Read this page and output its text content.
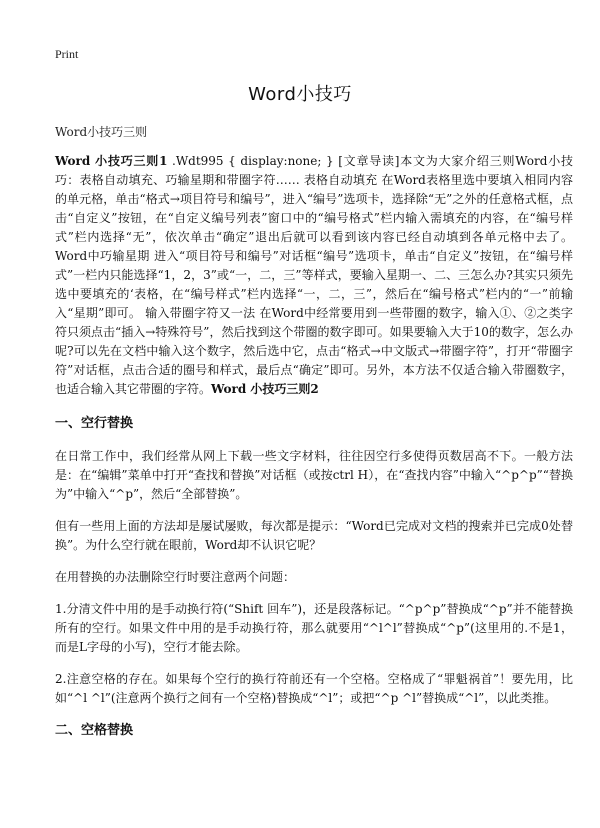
Print
Word小技巧
Word小技巧三则

Word 小技巧三则1 .Wdt995 { display:none; } [文章导读]本文为大家介绍三则Word小技巧：表格自动填充、巧输星期和带圈字符…… 表格自动填充 在Word表格里选中要填入相同内容的单元格，单击“格式→项目符号和编号”，进入“编号”选项卡，选择除“无”之外的任意格式框，点击“自定义”按钮，在“自定义编号列表”窗口中的“编号格式”栏内输入需填充的内容，在“编号样式”栏内选择“无”，依次单击“确定”退出后就可以看到该内容已经自动填到各单元格中去了。 Word中巧输星期 进入“项目符号和编号”对话框“编号”选项卡，单击“自定义”按钮，在“编号样式”一栏内只能选择“1，2，3”或“一，二，三”等样式，要输入星期一、二、三怎么办?其实只须先选中要填充的‘表格，在“编号样式”栏内选择“一，二，三”，然后在“编号格式”栏内的“一”前输入“星期”即可。 输入带圈字符又一法 在Word中经常要用到一些带圈的数字，输入①、②之类字符只须点击“插入→特殊符号”，然后找到这个带圈的数字即可。如果要输入大于10的数字，怎么办呢?可以先在文档中输入这个数字，然后选中它，点击“格式→中文版式→带圈字符”，打开“带圈字符”对话框，点击合适的圈号和样式，最后点“确定”即可。另外，本方法不仅适合输入带圈数字，也适合输入其它带圈的字符。Word 小技巧三则2

一、空行替换

在日常工作中，我们经常从网上下载一些文字材料，往往因空行多使得页数居高不下。一般方法是：在“编辑”菜单中打开“查找和替换”对话框（或按ctrl H），在“查找内容”中输入“^p^p”“替换为”中输入“^p”，然后“全部替换”。

但有一些用上面的方法却是屡试屡败，每次都是提示：“Word已完成对文档的搜索并已完成0处替换”。为什么空行就在眼前，Word却不认识它呢？

在用替换的办法删除空行时要注意两个问题：

1.分清文件中用的是手动换行符(“Shift 回车”)，还是段落标记。“^p^p”替换成“^p”并不能替换所有的空行。如果文件中用的是手动换行符，那么就要用“^l^l”替换成“^p”(这里用的.不是1，而是L字母的小写)，空行才能去除。

2.注意空格的存在。如果每个空行的换行符前还有一个空格。空格成了“罪魁祸首”！要先用，比如“^l ^l”(注意两个换行之间有一个空格)替换成“^l”；或把“^p ^l”替换成“^l”，以此类推。

二、空格替换
